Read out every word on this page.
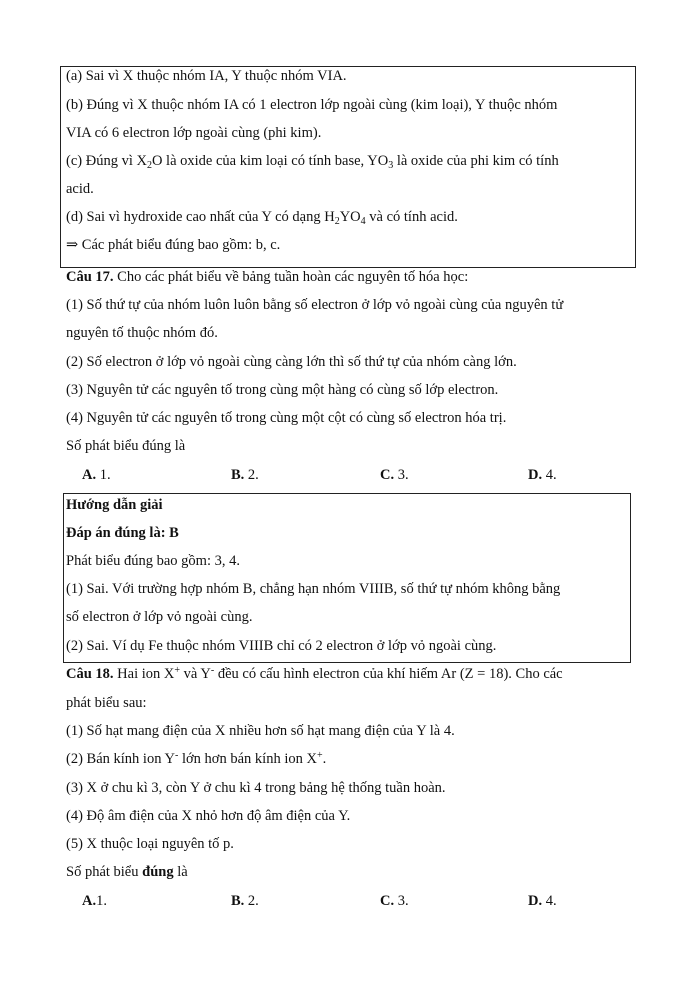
(a) Sai vì X thuộc nhóm IA, Y thuộc nhóm VIA.
(b) Đúng vì X thuộc nhóm IA có 1 electron lớp ngoài cùng (kim loại), Y thuộc nhóm
VIA có 6 electron lớp ngoài cùng (phi kim).
(c) Đúng vì $X_2O$ là oxide của kim loại có tính base, $YO_3$ là oxide của phi kim có tính
acid.
(d) Sai vì hydroxide cao nhất của Y có dạng $H_2YO_4$ và có tính acid.
⇒ Các phát biểu đúng bao gồm: b, c.
Câu 17. Cho các phát biểu về bảng tuần hoàn các nguyên tố hóa học:
(1) Số thứ tự của nhóm luôn luôn bằng số electron ở lớp vỏ ngoài cùng của nguyên tử
nguyên tố thuộc nhóm đó.
(2) Số electron ở lớp vỏ ngoài cùng càng lớn thì số thứ tự của nhóm càng lớn.
(3) Nguyên tử các nguyên tố trong cùng một hàng có cùng số lớp electron.
(4) Nguyên tử các nguyên tố trong cùng một cột có cùng số electron hóa trị.
Số phát biểu đúng là
A. 1.	B. 2.	C. 3.	D. 4.
Hướng dẫn giải
Đáp án đúng là: B
Phát biểu đúng bao gồm: 3, 4.
(1) Sai. Với trường hợp nhóm B, chẳng hạn nhóm VIIIB, số thứ tự nhóm không bằng
số electron ở lớp vỏ ngoài cùng.
(2) Sai. Ví dụ Fe thuộc nhóm VIIIB chỉ có 2 electron ở lớp vỏ ngoài cùng.
Câu 18. Hai ion X+ và Y- đều có cấu hình electron của khí hiếm Ar (Z = 18). Cho các
phát biểu sau:
(1) Số hạt mang điện của X nhiều hơn số hạt mang điện của Y là 4.
(2) Bán kính ion Y- lớn hơn bán kính ion X+.
(3) X ở chu kì 3, còn Y ở chu kì 4 trong bảng hệ thống tuần hoàn.
(4) Độ âm điện của X nhỏ hơn độ âm điện của Y.
(5) X thuộc loại nguyên tố p.
Số phát biểu đúng là
A.1.	B. 2.	C. 3.	D. 4.
